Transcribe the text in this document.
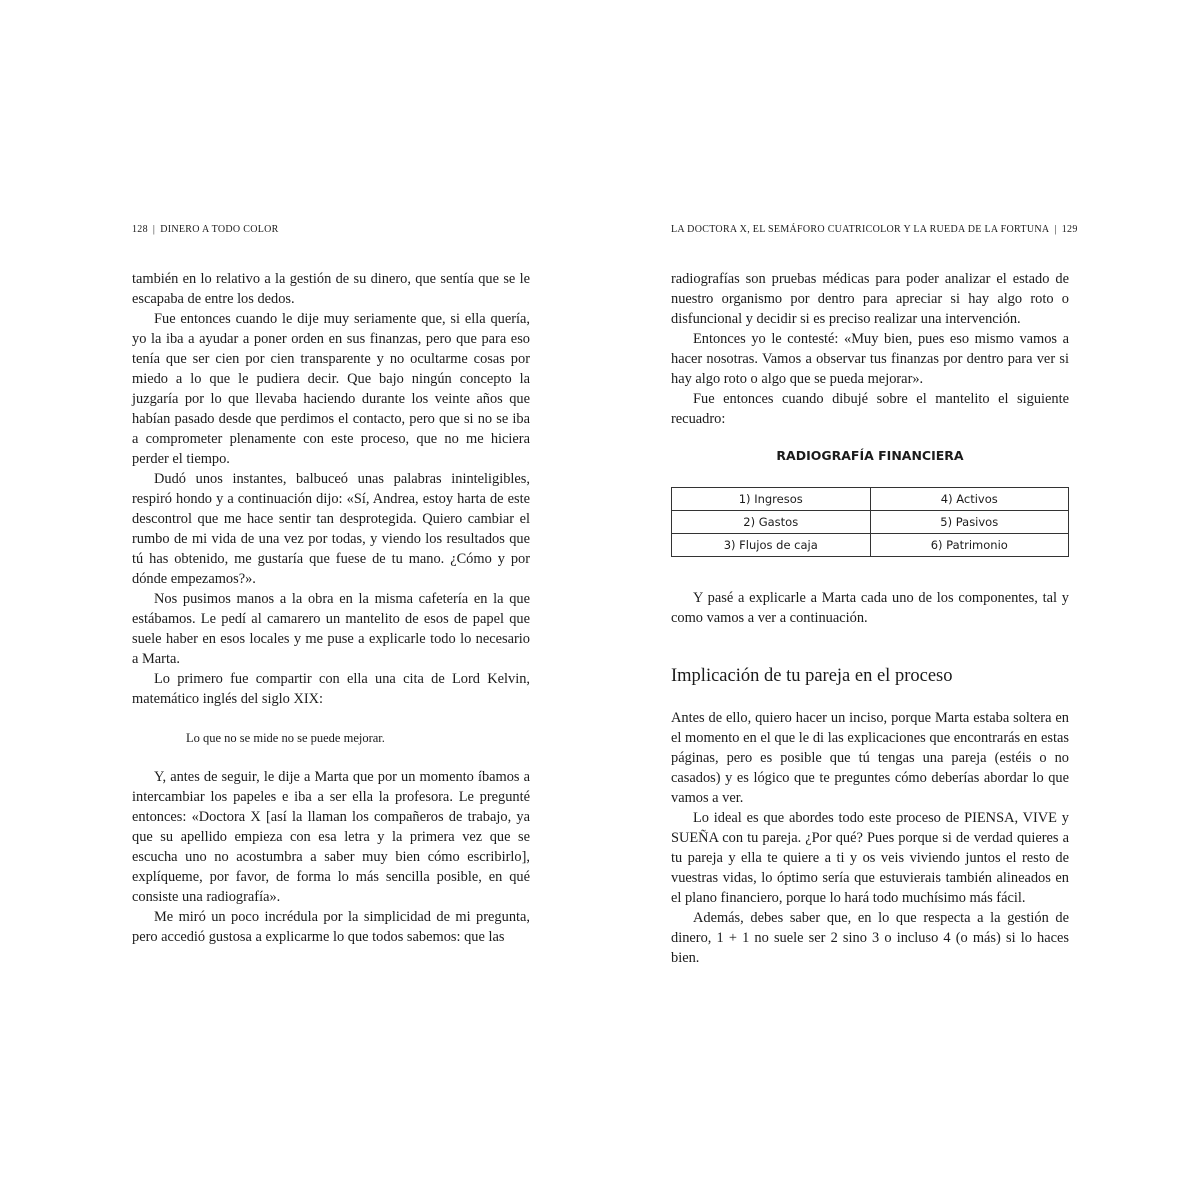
128 | DINERO A TODO COLOR

también en lo relativo a la gestión de su dinero, que sentía que se le escapaba de entre los dedos.

Fue entonces cuando le dije muy seriamente que, si ella quería, yo la iba a ayudar a poner orden en sus finanzas, pero que para eso tenía que ser cien por cien transparente y no ocultarme cosas por miedo a lo que le pudiera decir. Que bajo ningún concepto la juzgaría por lo que llevaba haciendo durante los veinte años que habían pasado desde que perdimos el contacto, pero que si no se iba a comprometer plenamente con este proceso, que no me hiciera perder el tiempo.

Dudó unos instantes, balbuceó unas palabras ininteligibles, respiró hondo y a continuación dijo: «Sí, Andrea, estoy harta de este descontrol que me hace sentir tan desprotegida. Quiero cambiar el rumbo de mi vida de una vez por todas, y viendo los resultados que tú has obtenido, me gustaría que fuese de tu mano. ¿Cómo y por dónde empezamos?».

Nos pusimos manos a la obra en la misma cafetería en la que estábamos. Le pedí al camarero un mantelito de esos de papel que suele haber en esos locales y me puse a explicarle todo lo necesario a Marta.

Lo primero fue compartir con ella una cita de Lord Kelvin, matemático inglés del siglo XIX:

Lo que no se mide no se puede mejorar.

Y, antes de seguir, le dije a Marta que por un momento íbamos a intercambiar los papeles e iba a ser ella la profesora. Le pregunté entonces: «Doctora X [así la llaman los compañeros de trabajo, ya que su apellido empieza con esa letra y la primera vez que se escucha uno no acostumbra a saber muy bien cómo escribirlo], explíqueme, por favor, de forma lo más sencilla posible, en qué consiste una radiografía».

Me miró un poco incrédula por la simplicidad de mi pregunta, pero accedió gustosa a explicarme lo que todos sabemos: que las

LA DOCTORA X, EL SEMÁFORO CUATRICOLOR Y LA RUEDA DE LA FORTUNA | 129

radiografías son pruebas médicas para poder analizar el estado de nuestro organismo por dentro para apreciar si hay algo roto o disfuncional y decidir si es preciso realizar una intervención.

Entonces yo le contesté: «Muy bien, pues eso mismo vamos a hacer nosotras. Vamos a observar tus finanzas por dentro para ver si hay algo roto o algo que se pueda mejorar».

Fue entonces cuando dibujé sobre el mantelito el siguiente recuadro:

RADIOGRAFÍA FINANCIERA
1) Ingresos	4) Activos
2) Gastos	5) Pasivos
3) Flujos de caja	6) Patrimonio

Y pasé a explicarle a Marta cada uno de los componentes, tal y como vamos a ver a continuación.

Implicación de tu pareja en el proceso

Antes de ello, quiero hacer un inciso, porque Marta estaba soltera en el momento en el que le di las explicaciones que encontrarás en estas páginas, pero es posible que tú tengas una pareja (estéis o no casados) y es lógico que te preguntes cómo deberías abordar lo que vamos a ver.

Lo ideal es que abordes todo este proceso de PIENSA, VIVE y SUEÑA con tu pareja. ¿Por qué? Pues porque si de verdad quieres a tu pareja y ella te quiere a ti y os veis viviendo juntos el resto de vuestras vidas, lo óptimo sería que estuvierais también alineados en el plano financiero, porque lo hará todo muchísimo más fácil.

Además, debes saber que, en lo que respecta a la gestión de dinero, 1 + 1 no suele ser 2 sino 3 o incluso 4 (o más) si lo haces bien.
